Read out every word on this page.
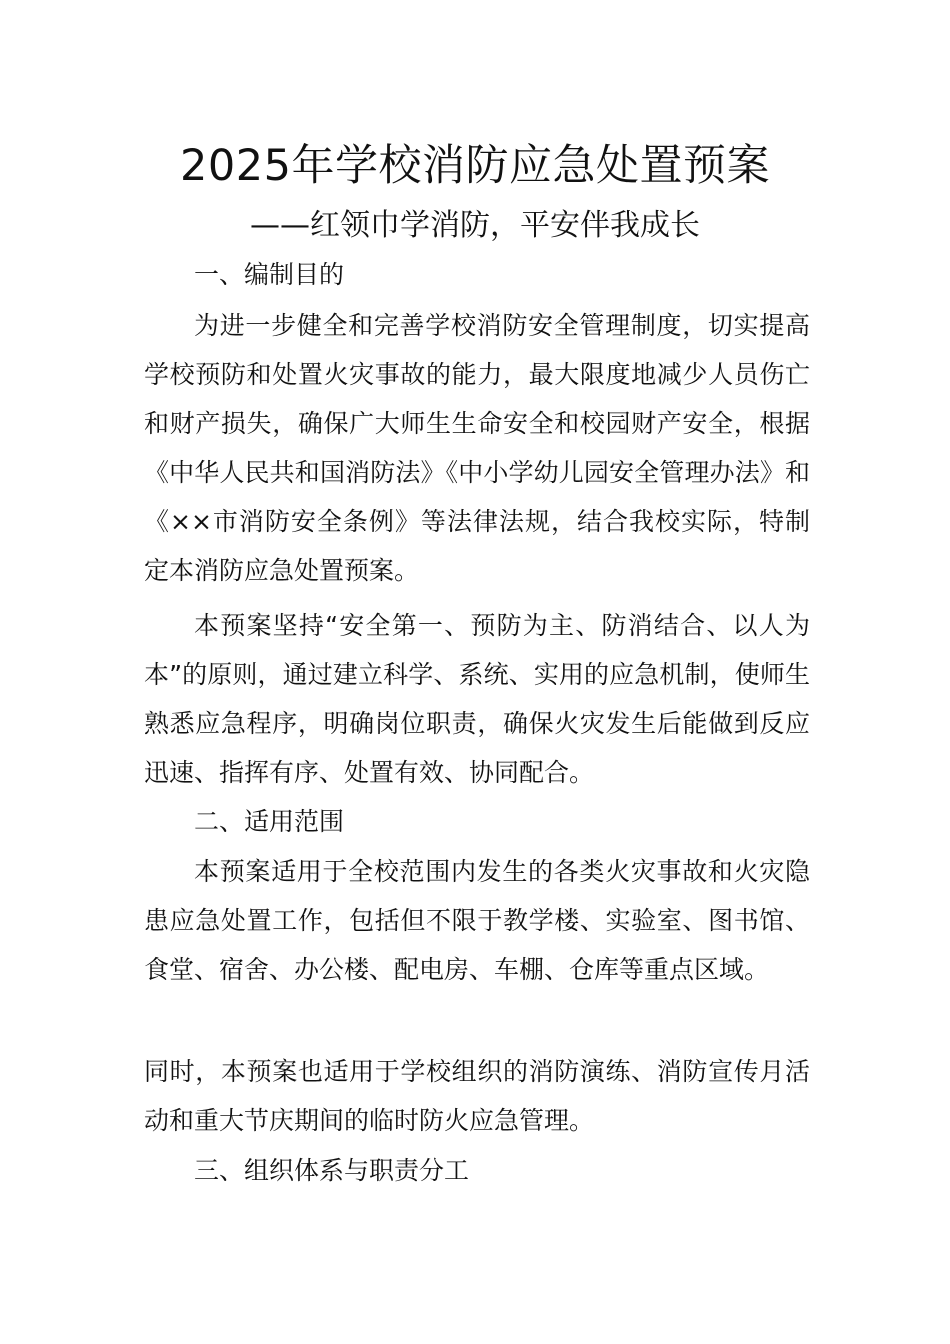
2025年学校消防应急处置预案
——红领巾学消防，平安伴我成长
一、编制目的

为进一步健全和完善学校消防安全管理制度，切实提高学校预防和处置火灾事故的能力，最大限度地减少人员伤亡和财产损失，确保广大师生生命安全和校园财产安全，根据《中华人民共和国消防法》《中小学幼儿园安全管理办法》和《××市消防安全条例》等法律法规，结合我校实际，特制定本消防应急处置预案。

本预案坚持“安全第一、预防为主、防消结合、以人为本”的原则，通过建立科学、系统、实用的应急机制，使师生熟悉应急程序，明确岗位职责，确保火灾发生后能做到反应迅速、指挥有序、处置有效、协同配合。

二、适用范围

本预案适用于全校范围内发生的各类火灾事故和火灾隐患应急处置工作，包括但不限于教学楼、实验室、图书馆、食堂、宿舍、办公楼、配电房、车棚、仓库等重点区域。

同时，本预案也适用于学校组织的消防演练、消防宣传月活动和重大节庆期间的临时防火应急管理。

三、组织体系与职责分工
